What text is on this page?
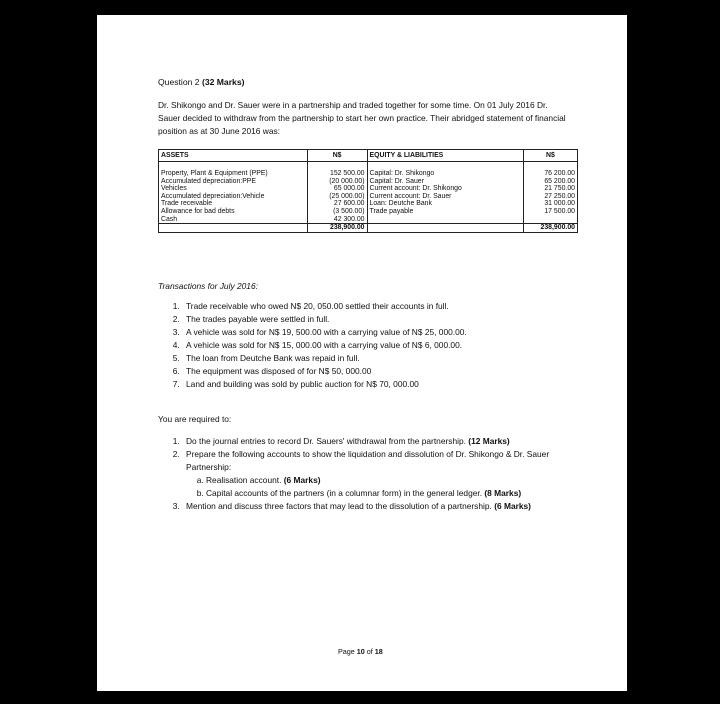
Question 2 (32 Marks)
Dr. Shikongo and Dr. Sauer were in a partnership and traded together for some time. On 01 July 2016 Dr. Sauer decided to withdraw from the partnership to start her own practice. Their abridged statement of financial position as at 30 June 2016 was:
ASSETS	N$	EQUITY & LIABILITIES	N$

Property, Plant & Equipment (PPE)	152 500.00	Capital: Dr. Shikongo	76 200.00
Accumulated depreciation:PPE	(20 000.00)	Capital: Dr. Sauer	65 200.00
Vehicles	65 000.00	Current account: Dr. Shikongo	21 750.00
Accumulated depreciation:Vehicle	(25 000.00)	Current account: Dr. Sauer	27 250.00
Trade receivable	27 600.00	Loan: Deutche Bank	31 000.00
Allowance for bad debts	(3 500.00)	Trade payable	17 500.00
Cash	42 300.00		
	238,900.00		238,900.00
Transactions for July 2016:
1. Trade receivable who owed N$ 20, 050.00 settled their accounts in full.
2. The trades payable were settled in full.
3. A vehicle was sold for N$ 19, 500.00 with a carrying value of N$ 25, 000.00.
4. A vehicle was sold for N$ 15, 000.00 with a carrying value of N$ 6, 000.00.
5. The loan from Deutche Bank was repaid in full.
6. The equipment was disposed of for N$ 50, 000.00
7. Land and building was sold by public auction for N$ 70, 000.00
You are required to:
1. Do the journal entries to record Dr. Sauers' withdrawal from the partnership. (12 Marks)
2. Prepare the following accounts to show the liquidation and dissolution of Dr. Shikongo & Dr. Sauer Partnership:
a. Realisation account. (6 Marks)
b. Capital accounts of the partners (in a columnar form) in the general ledger. (8 Marks)
3. Mention and discuss three factors that may lead to the dissolution of a partnership. (6 Marks)
Page 10 of 18
